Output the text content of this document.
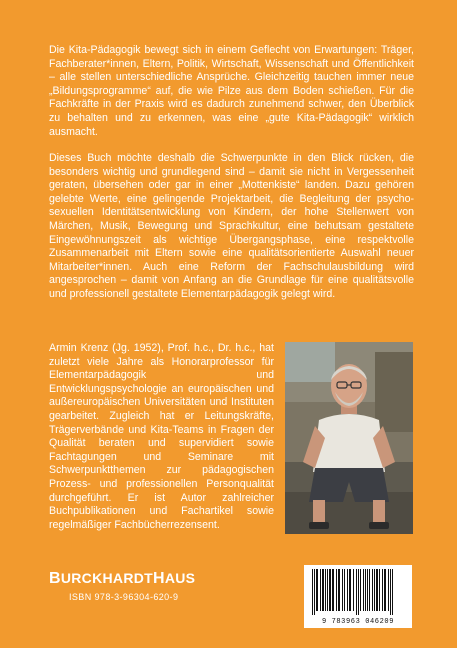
Die Kita-Pädagogik bewegt sich in einem Geflecht von Erwartungen: Träger, Fachberater*innen, Eltern, Politik, Wirtschaft, Wissenschaft und Öffentlichkeit – alle stellen unterschiedliche Ansprüche. Gleichzeitig tauchen immer neue „Bildungsprogramme“ auf, die wie Pilze aus dem Boden schießen. Für die Fachkräfte in der Praxis wird es dadurch zunehmend schwer, den Überblick zu behalten und zu erkennen, was eine „gute Kita-Pädagogik“ wirklich ausmacht.

Dieses Buch möchte deshalb die Schwerpunkte in den Blick rücken, die besonders wichtig und grundlegend sind – damit sie nicht in Vergessenheit geraten, übersehen oder gar in einer „Mottenkiste“ landen. Dazu gehören gelebte Werte, eine gelingende Projektarbeit, die Begleitung der psycho-sexuellen Identitätsentwicklung von Kindern, der hohe Stellenwert von Märchen, Musik, Bewegung und Sprachkultur, eine behutsam gestaltete Eingewöhnungszeit als wichtige Übergangsphase, eine respektvolle Zusammenarbeit mit Eltern sowie eine qualitätsorientierte Auswahl neuer Mitarbeiter*innen. Auch eine Reform der Fachschulausbildung wird angesprochen – damit von Anfang an die Grundlage für eine qualitätsvolle und professionell gestaltete Elementarpädagogik gelegt wird.

Armin Krenz (Jg. 1952), Prof. h.c., Dr. h.c., hat zuletzt viele Jahre als Honorarprofessor für Elementarpädagogik und Entwicklungspsychologie an europäischen und außereuropäischen Universitäten und Instituten gearbeitet. Zugleich hat er Leitungskräfte, Trägerverbände und Kita-Teams in Fragen der Qualität beraten und supervidiert sowie Fachtagungen und Seminare mit Schwerpunktthemen zur pädagogischen Prozess- und professionellen Personqualität durchgeführt. Er ist Autor zahlreicher Buchpublikationen und Fachartikel sowie regelmäßiger Fachbücherrezensent.

BURCKHARDTHAUS
ISBN 978-3-96304-620-9
9 783963 046209
